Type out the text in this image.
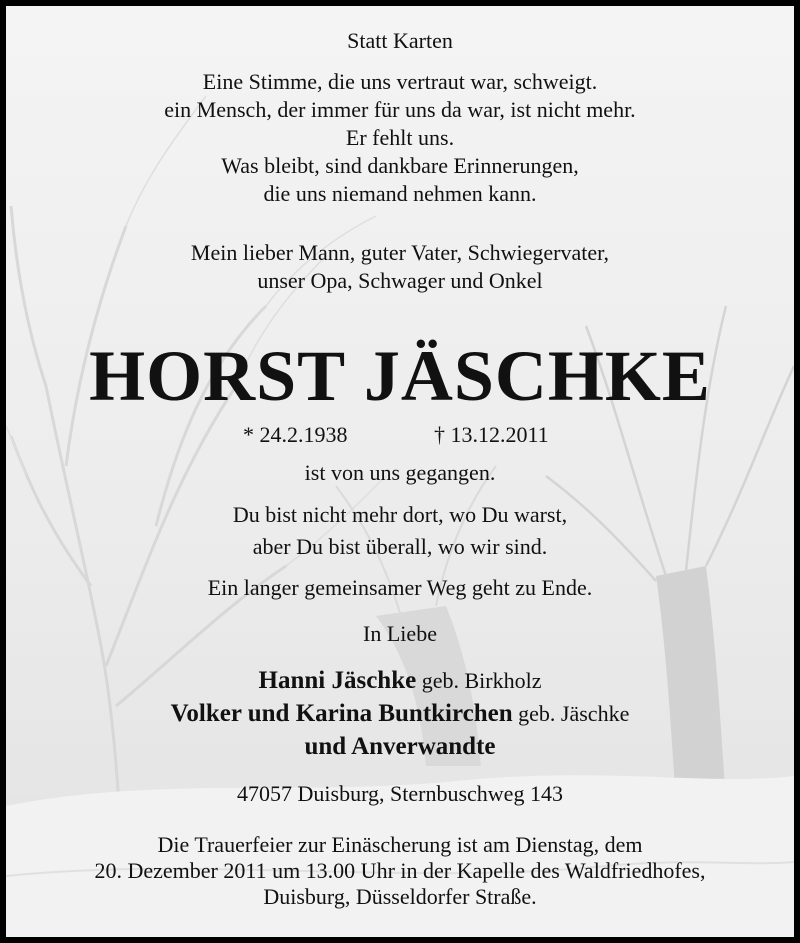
Statt Karten
Eine Stimme, die uns vertraut war, schweigt.
ein Mensch, der immer für uns da war, ist nicht mehr.
Er fehlt uns.
Was bleibt, sind dankbare Erinnerungen,
die uns niemand nehmen kann.
Mein lieber Mann, guter Vater, Schwiegervater,
unser Opa, Schwager und Onkel
HORST JÄSCHKE
* 24.2.1938	† 13.12.2011
ist von uns gegangen.
Du bist nicht mehr dort, wo Du warst,
aber Du bist überall, wo wir sind.
Ein langer gemeinsamer Weg geht zu Ende.
In Liebe
Hanni Jäschke geb. Birkholz
Volker und Karina Buntkirchen geb. Jäschke
und Anverwandte
47057 Duisburg, Sternbuschweg 143
Die Trauerfeier zur Einäscherung ist am Dienstag, dem
20. Dezember 2011 um 13.00 Uhr in der Kapelle des Waldfriedhofes,
Duisburg, Düsseldorfer Straße.
